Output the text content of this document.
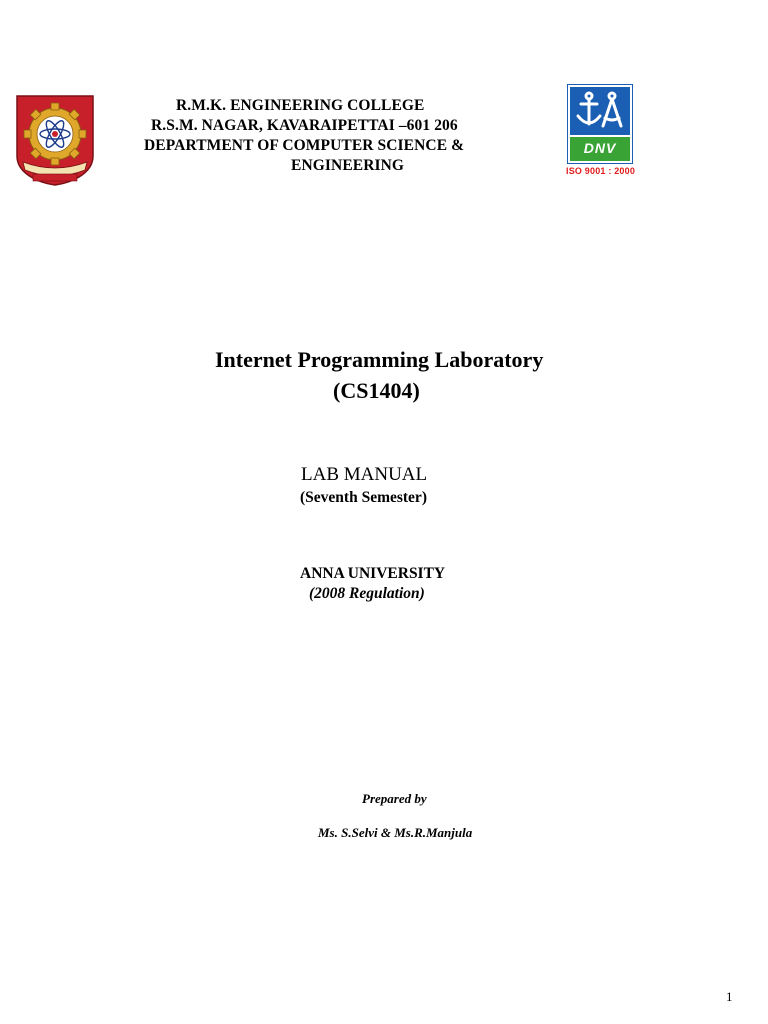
R.M.K. ENGINEERING COLLEGE
R.S.M. NAGAR, KAVARAIPETTAI –601 206
DEPARTMENT OF COMPUTER SCIENCE &
ENGINEERING
DNV
ISO 9001 : 2000
Internet Programming Laboratory
(CS1404)
LAB MANUAL
(Seventh Semester)
ANNA UNIVERSITY
(2008 Regulation)
Prepared by
Ms. S.Selvi & Ms.R.Manjula
1
